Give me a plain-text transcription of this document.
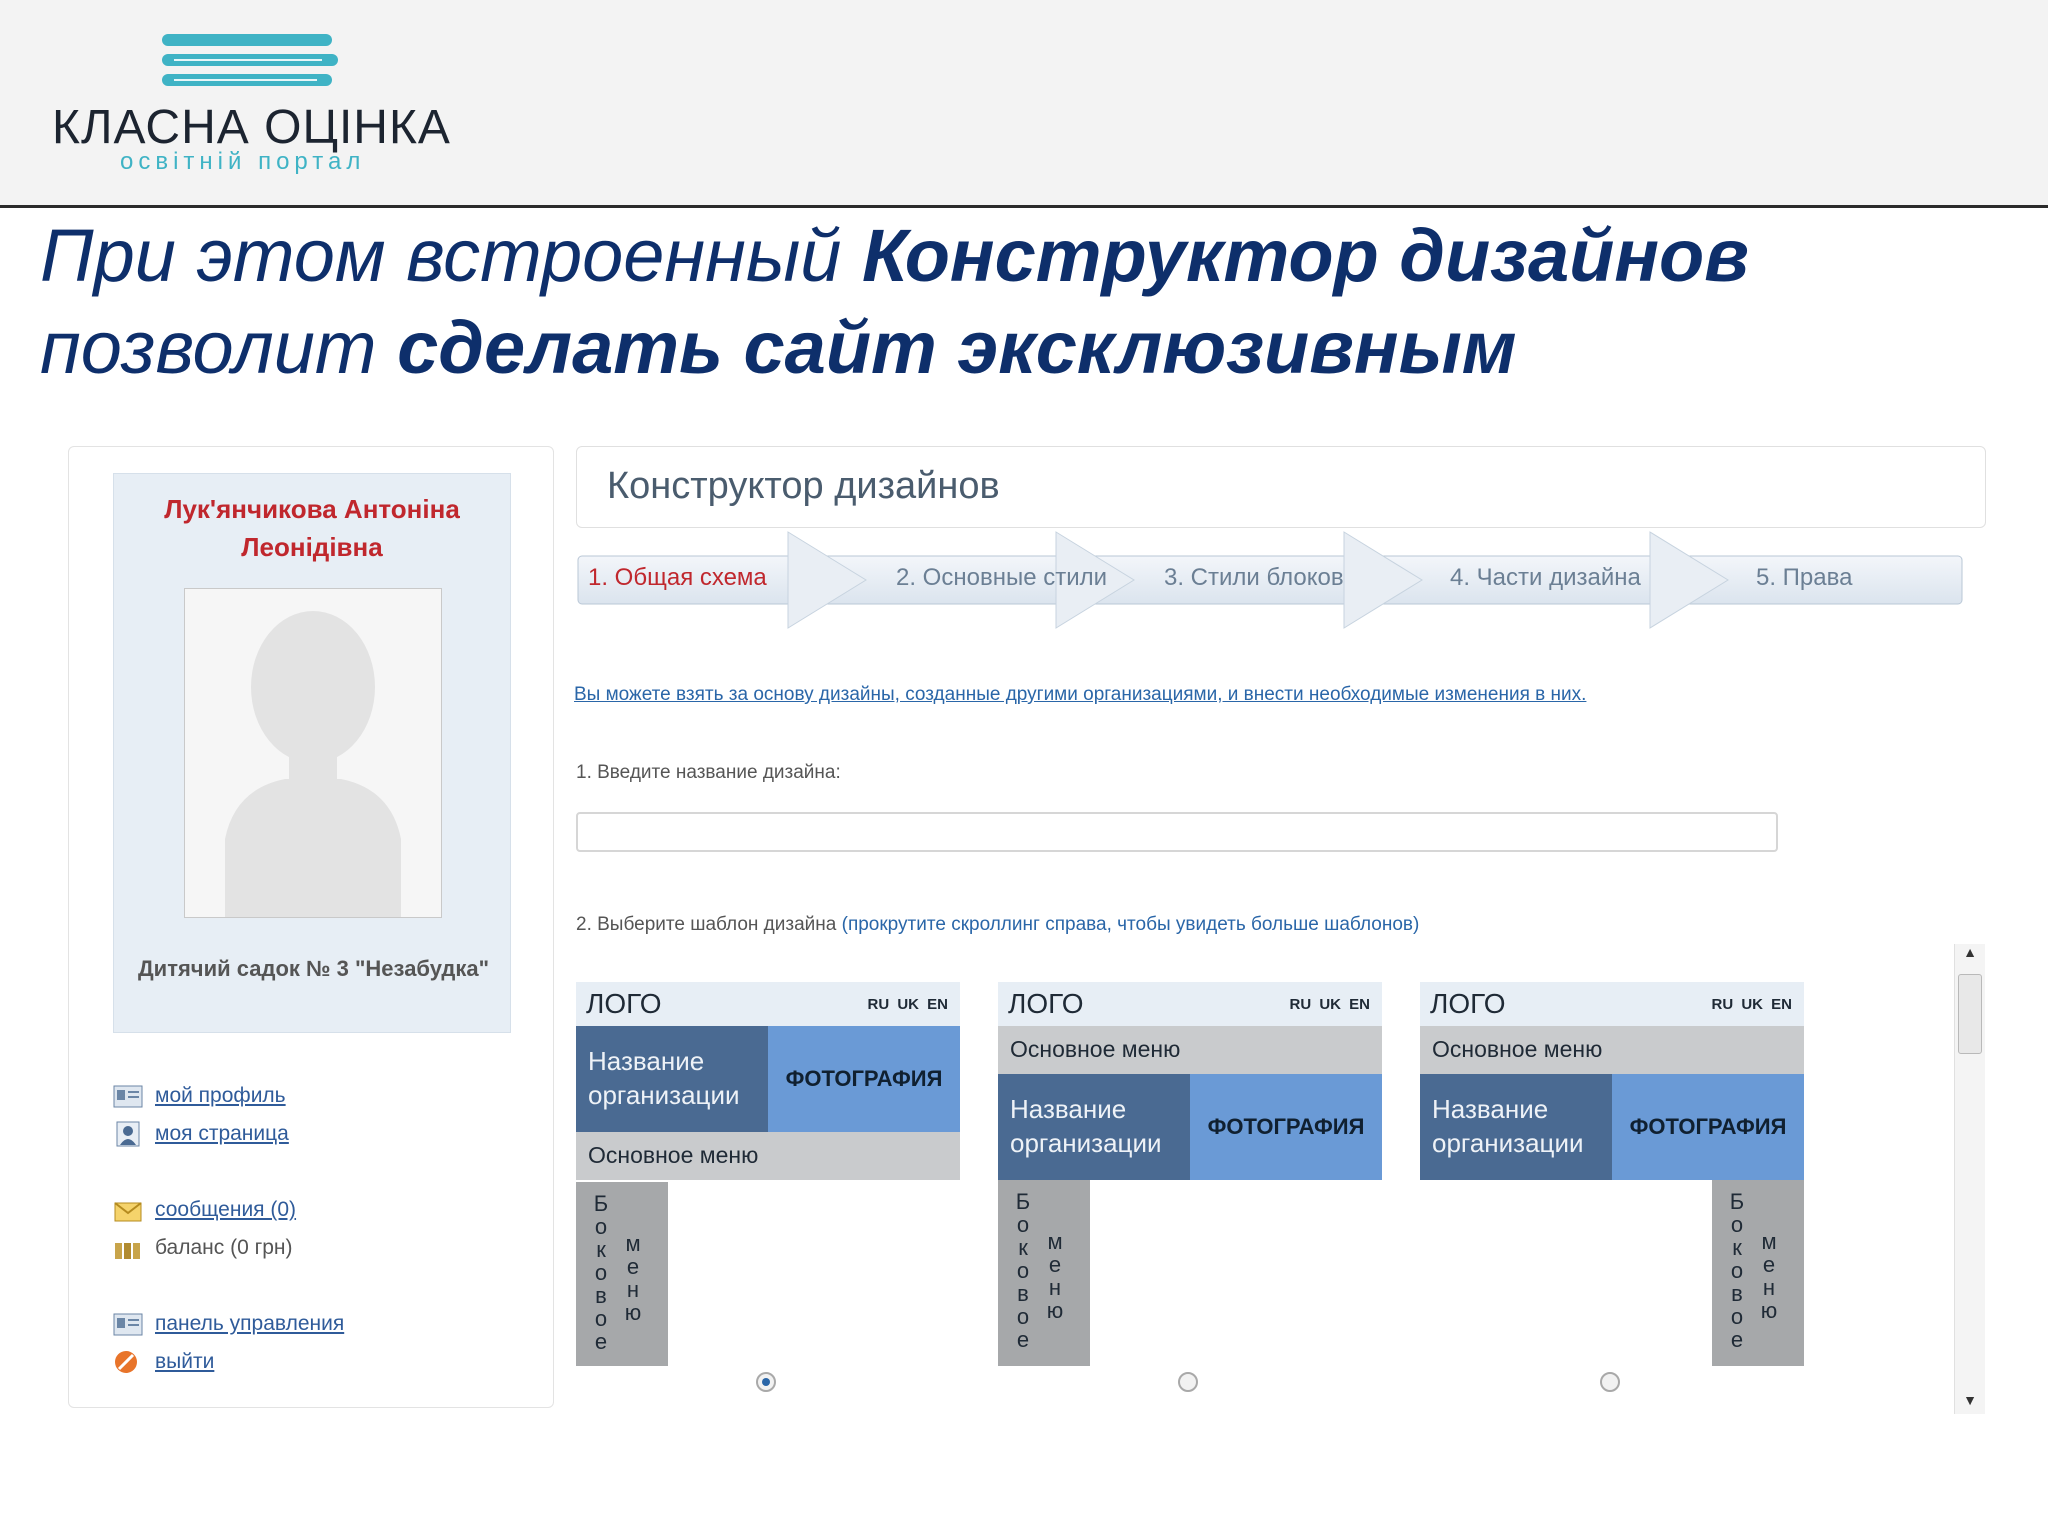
КЛАСНА ОЦІНКА
освітній портал
При этом встроенный Конструктор дизайнов
позволит сделать сайт эксклюзивным
Лук'янчикова Антоніна Леонідівна
Дитячий садок № 3 "Незабудка"
мой профиль
моя страница
сообщения (0)
баланс (0 грн)
панель управления
выйти
Конструктор дизайнов
1. Общая схема	2. Основные стили 3. Стили блоков	4. Части дизайна	5. Права
Вы можете взять за основу дизайны, созданные другими организациями, и внести необходимые изменения в них.
1. Введите название дизайна:
2. Выберите шаблон дизайна (прокрутите скроллинг справа, чтобы увидеть больше шаблонов)
ЛОГО	RU UK EN
Название организации
ФОТОГРАФИЯ
Основное меню
Боковое
меню
ЛОГО	RU UK EN
Основное меню
Название организации
ФОТОГРАФИЯ
Боковое
меню
ЛОГО	RU UK EN
Основное меню
Название организации
ФОТОГРАФИЯ
Боковое
меню
▲
▼
